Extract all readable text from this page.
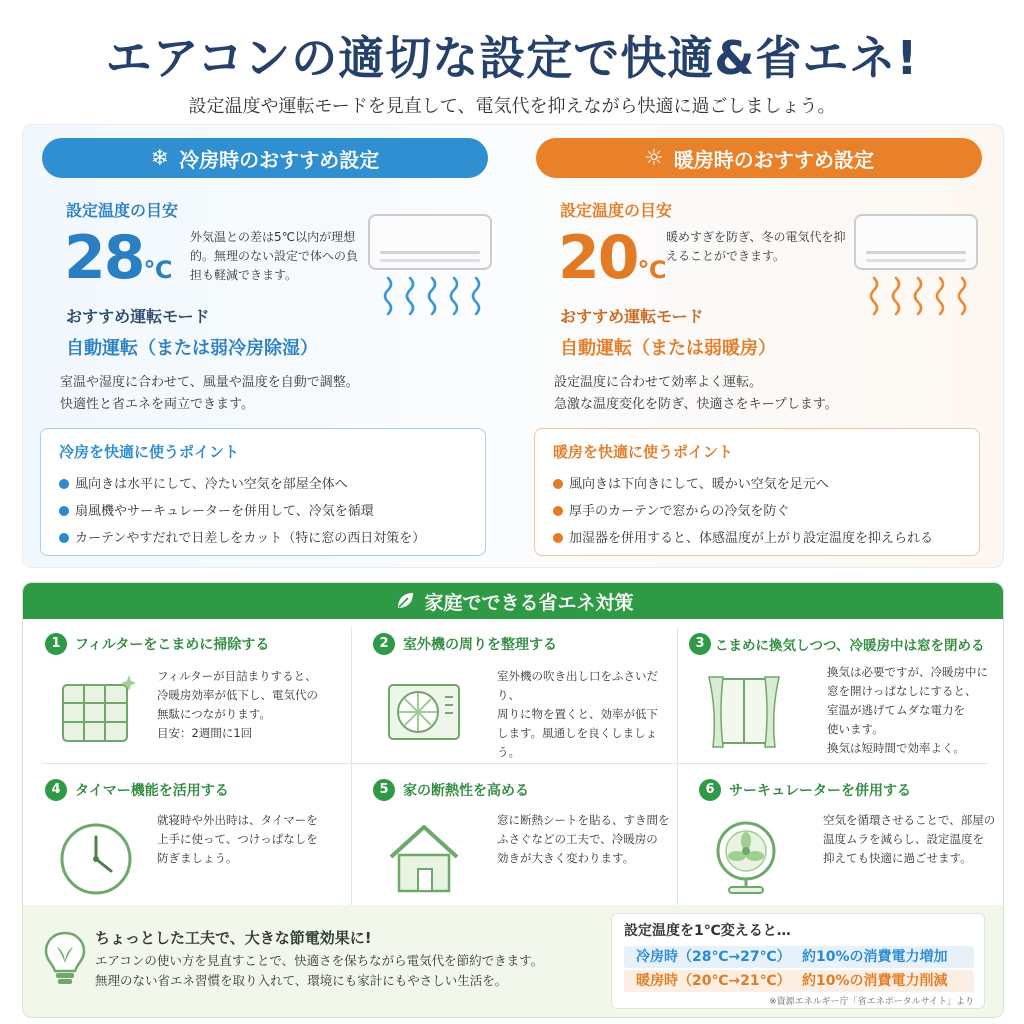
エアコンの適切な設定で快適&省エネ!
設定温度や運転モードを見直して、電気代を抑えながら快適に過ごしましょう。
❄ 冷房時のおすすめ設定
設定温度の目安
28℃
外気温との差は5℃以内が理想的。無理のない設定で体への負担も軽減できます。
おすすめ運転モード
自動運転（または弱冷房除湿）
室温や湿度に合わせて、風量や温度を自動で調整。
快適性と省エネを両立できます。
冷房を快適に使うポイント
風向きは水平にして、冷たい空気を部屋全体へ
扇風機やサーキュレーターを併用して、冷気を循環
カーテンやすだれで日差しをカット（特に窓の西日対策を）
☼ 暖房時のおすすめ設定
設定温度の目安
20℃
暖めすぎを防ぎ、冬の電気代を抑えることができます。
おすすめ運転モード
自動運転（または弱暖房）
設定温度に合わせて効率よく運転。
急激な温度変化を防ぎ、快適さをキープします。
暖房を快適に使うポイント
風向きは下向きにして、暖かい空気を足元へ
厚手のカーテンで窓からの冷気を防ぐ
加湿器を併用すると、体感温度が上がり設定温度を抑えられる
家庭でできる省エネ対策
1	フィルターをこまめに掃除する
フィルターが目詰まりすると、
冷暖房効率が低下し、電気代の
無駄につながります。
目安：2週間に1回
2	室外機の周りを整理する
室外機の吹き出し口をふさいだり、
周りに物を置くと、効率が低下
します。風通しを良くしましょう。
3 こまめに換気しつつ、冷暖房中は窓を閉める
換気は必要ですが、冷暖房中に
窓を開けっぱなしにすると、
室温が逃げてムダな電力を
使います。
換気は短時間で効率よく。
4	タイマー機能を活用する
就寝時や外出時は、タイマーを
上手に使って、つけっぱなしを
防ぎましょう。
5	家の断熱性を高める
窓に断熱シートを貼る、すき間を
ふさぐなどの工夫で、冷暖房の
効きが大きく変わります。
6	サーキュレーターを併用する
空気を循環させることで、部屋の
温度ムラを減らし、設定温度を
抑えても快適に過ごせます。
ちょっとした工夫で、大きな節電効果に!
エアコンの使い方を見直すことで、快適さを保ちながら電気代を節約できます。
無理のない省エネ習慣を取り入れて、環境にも家計にもやさしい生活を。
設定温度を1℃変えると…
冷房時（28℃→27℃） 約10%の消費電力増加
暖房時（20℃→21℃） 約10%の消費電力削減
※資源エネルギー庁「省エネポータルサイト」より
